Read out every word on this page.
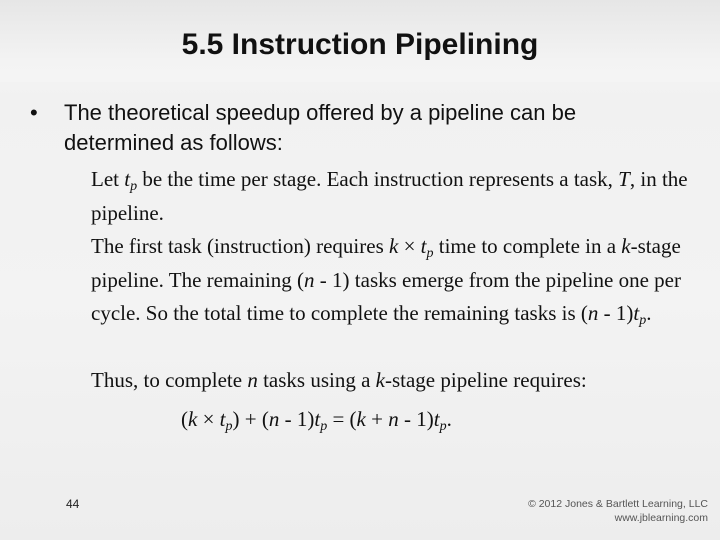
5.5 Instruction Pipelining
• The theoretical speedup offered by a pipeline can be determined as follows:
Let $t_p$ be the time per stage. Each instruction represents a task, T, in the pipeline.
The first task (instruction) requires $k \times t_p$ time to complete in a k-stage pipeline. The remaining (n - 1) tasks emerge from the pipeline one per cycle. So the total time to complete the remaining tasks is $(n - 1)t_p$.
Thus, to complete n tasks using a k-stage pipeline requires:
$(k \times t_p) + (n - 1)t_p = (k + n - 1)t_p$.
44	© 2012 Jones & Bartlett Learning, LLC
www.jblearning.com
